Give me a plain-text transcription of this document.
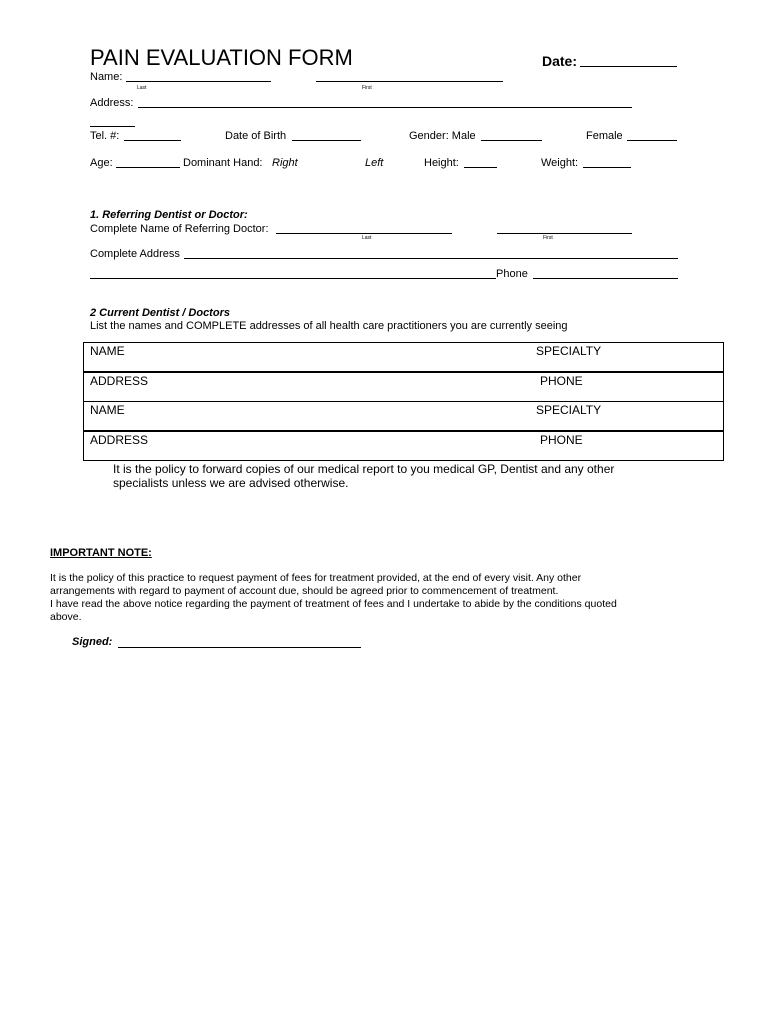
PAIN EVALUATION FORM	Date:
Name:
Last	First
Address:
Tel. #:	Date of Birth	Gender: Male	Female
Age:	Dominant Hand: Right	Left	Height:	Weight:
1. Referring Dentist or Doctor:
Complete Name of Referring Doctor:
Last	First
Complete Address
Phone
2 Current Dentist / Doctors
List the names and COMPLETE addresses of all health care practitioners you are currently seeing
NAME	SPECIALTY

ADDRESS	PHONE

NAME	SPECIALTY

ADDRESS	PHONE
It is the policy to forward copies of our medical report to you medical GP, Dentist and any other
specialists unless we are advised otherwise.
IMPORTANT NOTE:
It is the policy of this practice to request payment of fees for treatment provided, at the end of every visit. Any other
arrangements with regard to payment of account due, should be agreed prior to commencement of treatment.
I have read the above notice regarding the payment of treatment of fees and I undertake to abide by the conditions quoted
above.
Signed:
